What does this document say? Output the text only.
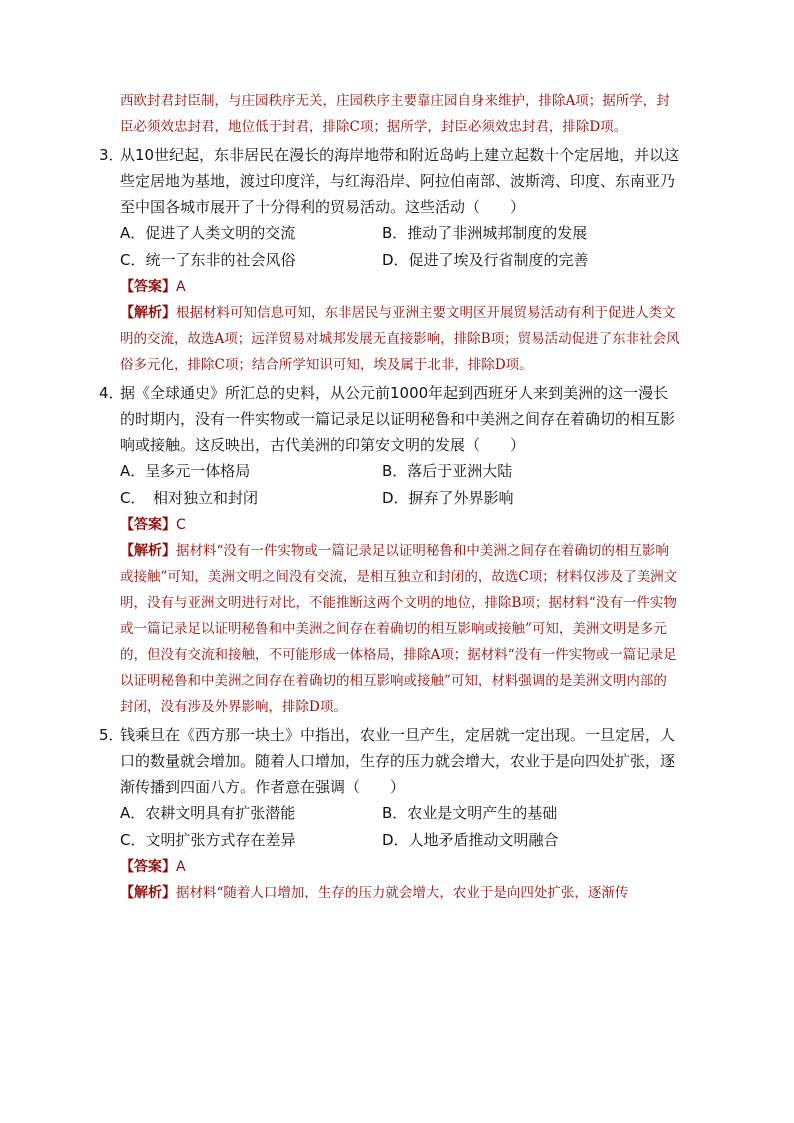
西欧封君封臣制，与庄园秩序无关，庄园秩序主要靠庄园自身来维护，排除A项；据所学，封臣必须效忠封君，地位低于封君，排除C项；据所学，封臣必须效忠封君，排除D项。

3．
从10世纪起，东非居民在漫长的海岸地带和附近岛屿上建立起数十个定居地，并以这些定居地为基地，渡过印度洋，与红海沿岸、阿拉伯南部、波斯湾、印度、东南亚乃至中国各城市展开了十分得利的贸易活动。这些活动（　　）

A．促进了人类文明的交流	B．推动了非洲城邦制度的发展
C．统一了东非的社会风俗	D．促进了埃及行省制度的完善

【答案】A

【解析】根据材料可知信息可知，东非居民与亚洲主要文明区开展贸易活动有利于促进人类文明的交流，故选A项；远洋贸易对城邦发展无直接影响，排除B项；贸易活动促进了东非社会风俗多元化，排除C项；结合所学知识可知，埃及属于北非，排除D项。

4．
据《全球通史》所汇总的史料，从公元前1000年起到西班牙人来到美洲的这一漫长的时期内，没有一件实物或一篇记录足以证明秘鲁和中美洲之间存在着确切的相互影响或接触。这反映出，古代美洲的印第安文明的发展（　　）

A．呈多元一体格局	B．落后于亚洲大陆
C．　相对独立和封闭	D．摒弃了外界影响

【答案】C

【解析】据材料“没有一件实物或一篇记录足以证明秘鲁和中美洲之间存在着确切的相互影响或接触”可知，美洲文明之间没有交流，是相互独立和封闭的，故选C项；材料仅涉及了美洲文明，没有与亚洲文明进行对比，不能推断这两个文明的地位，排除B项；据材料“没有一件实物或一篇记录足以证明秘鲁和中美洲之间存在着确切的相互影响或接触”可知，美洲文明是多元的，但没有交流和接触，不可能形成一体格局，排除A项；据材料“没有一件实物或一篇记录足以证明秘鲁和中美洲之间存在着确切的相互影响或接触”可知，材料强调的是美洲文明内部的封闭，没有涉及外界影响，排除D项。

5．
钱乘旦在《西方那一块土》中指出，农业一旦产生，定居就一定出现。一旦定居，人口的数量就会增加。随着人口增加，生存的压力就会增大，农业于是向四处扩张，逐渐传播到四面八方。作者意在强调（　　）

A．农耕文明具有扩张潜能	B．农业是文明产生的基础
C．文明扩张方式存在差异	D．人地矛盾推动文明融合

【答案】A

【解析】据材料“随着人口增加，生存的压力就会增大，农业于是向四处扩张，逐渐传
